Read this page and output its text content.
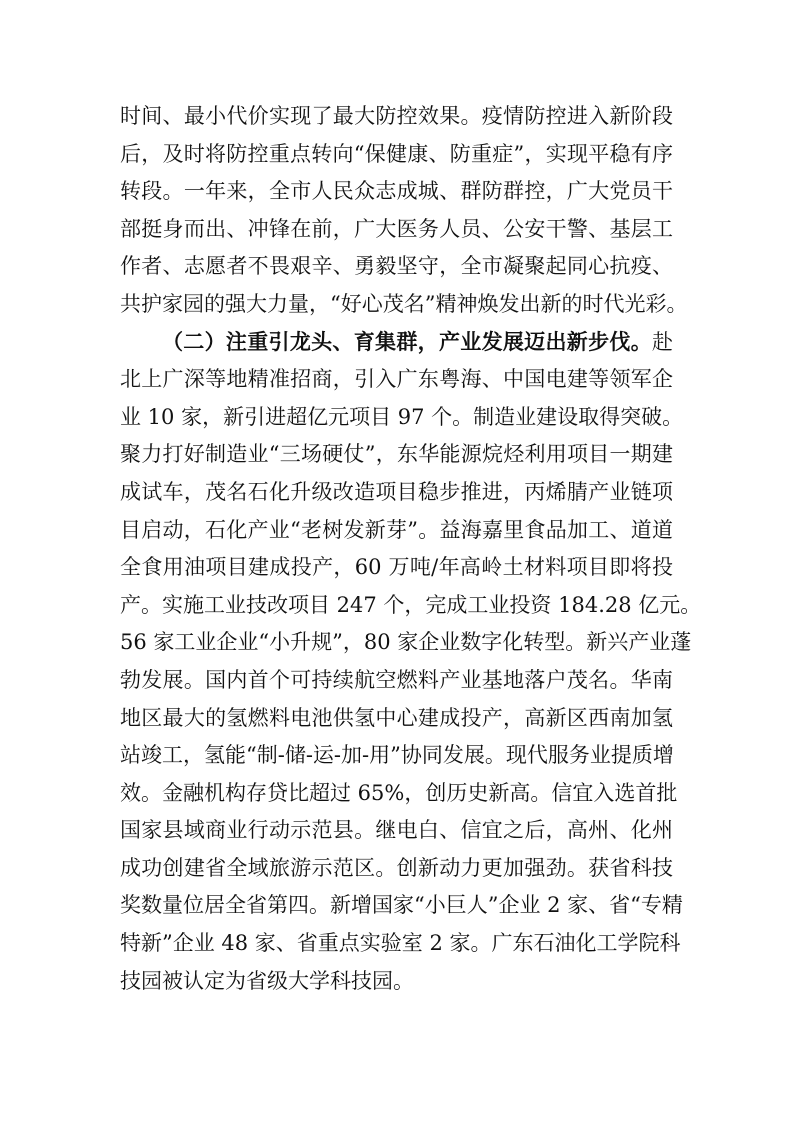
时间、最小代价实现了最大防控效果。疫情防控进入新阶段
后，及时将防控重点转向“保健康、防重症”，实现平稳有序
转段。一年来，全市人民众志成城、群防群控，广大党员干
部挺身而出、冲锋在前，广大医务人员、公安干警、基层工
作者、志愿者不畏艰辛、勇毅坚守，全市凝聚起同心抗疫、
共护家园的强大力量，“好心茂名”精神焕发出新的时代光彩。
（二）注重引龙头、育集群，产业发展迈出新步伐。赴
北上广深等地精准招商，引入广东粤海、中国电建等领军企
业 10 家，新引进超亿元项目 97 个。制造业建设取得突破。
聚力打好制造业“三场硬仗”，东华能源烷烃利用项目一期建
成试车，茂名石化升级改造项目稳步推进，丙烯腈产业链项
目启动，石化产业“老树发新芽”。益海嘉里食品加工、道道
全食用油项目建成投产，60 万吨/年高岭土材料项目即将投
产。实施工业技改项目 247 个，完成工业投资 184.28 亿元。
56 家工业企业“小升规”，80 家企业数字化转型。新兴产业蓬
勃发展。国内首个可持续航空燃料产业基地落户茂名。华南
地区最大的氢燃料电池供氢中心建成投产，高新区西南加氢
站竣工，氢能“制-储-运-加-用”协同发展。现代服务业提质增
效。金融机构存贷比超过 65%，创历史新高。信宜入选首批
国家县域商业行动示范县。继电白、信宜之后，高州、化州
成功创建省全域旅游示范区。创新动力更加强劲。获省科技
奖数量位居全省第四。新增国家“小巨人”企业 2 家、省“专精
特新”企业 48 家、省重点实验室 2 家。广东石油化工学院科
技园被认定为省级大学科技园。
